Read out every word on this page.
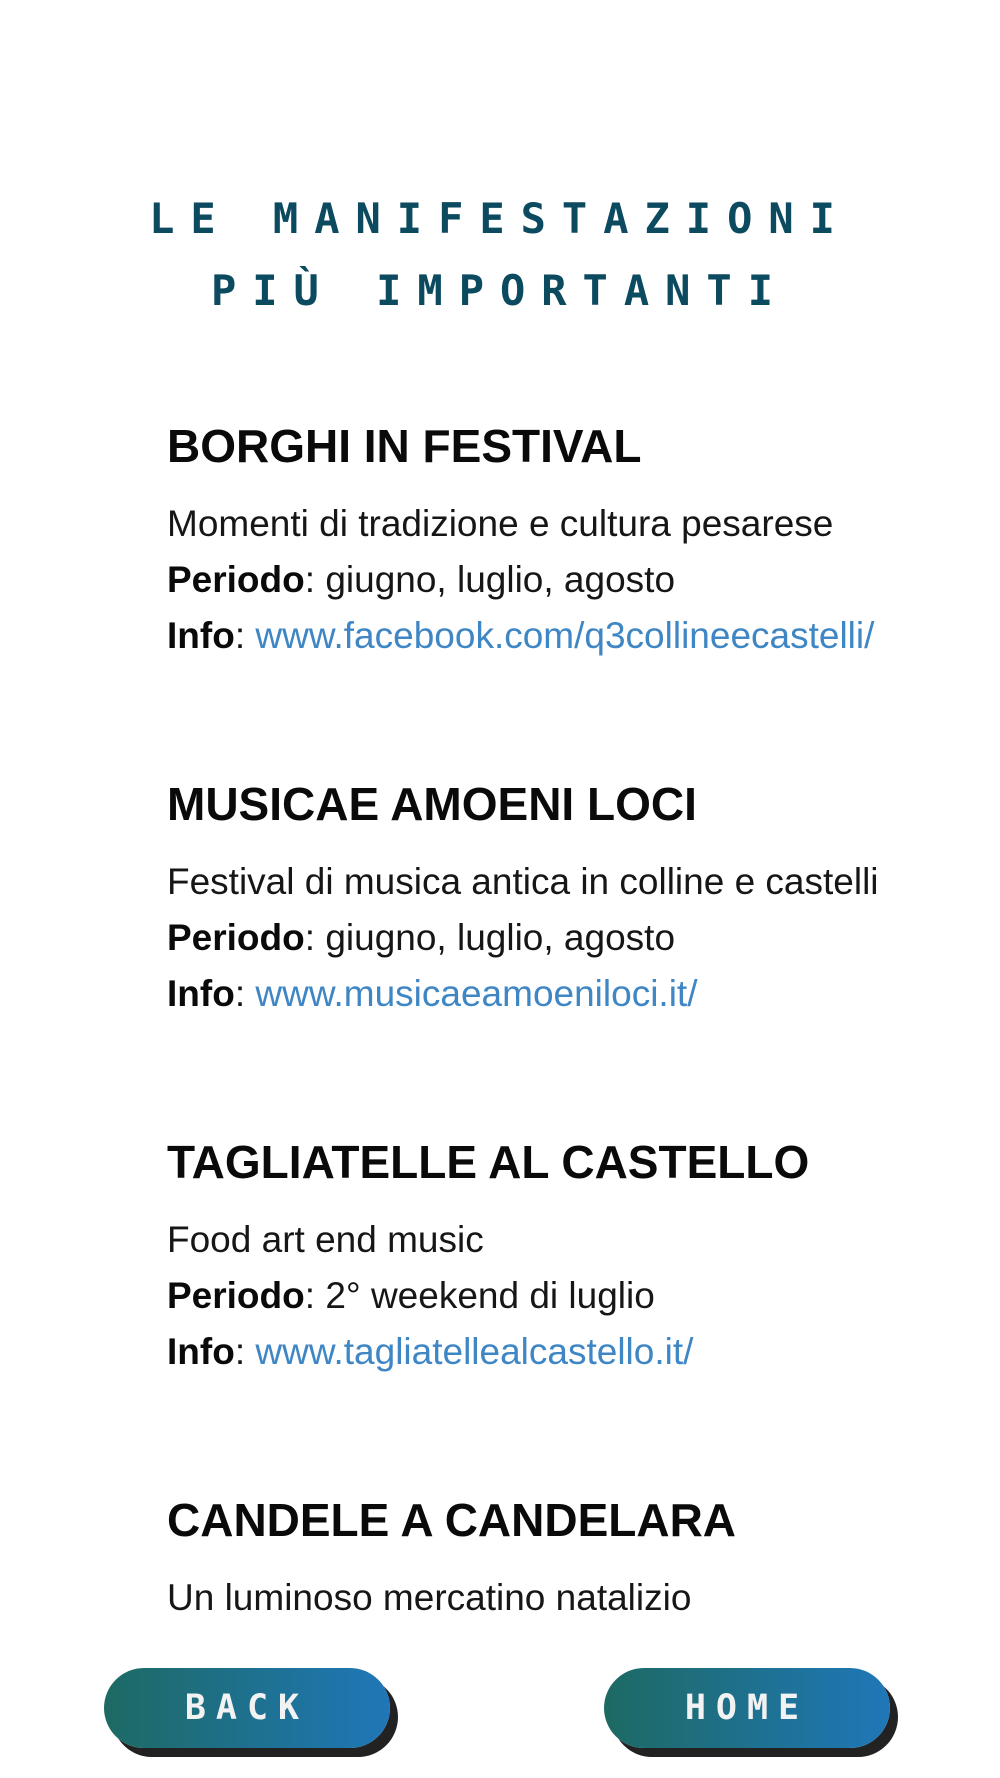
LE MANIFESTAZIONI
PIÙ IMPORTANTI
BORGHI IN FESTIVAL

Momenti di tradizione e cultura pesarese

Periodo: giugno, luglio, agosto

Info: www.facebook.com/q3collineecastelli/

MUSICAE AMOENI LOCI

Festival di musica antica in colline e castelli

Periodo: giugno, luglio, agosto

Info: www.musicaeamoeniloci.it/

TAGLIATELLE AL CASTELLO

Food art end music

Periodo: 2° weekend di luglio

Info: www.tagliatellealcastello.it/

CANDELE A CANDELARA

Un luminoso mercatino natalizio

BACK	HOME
